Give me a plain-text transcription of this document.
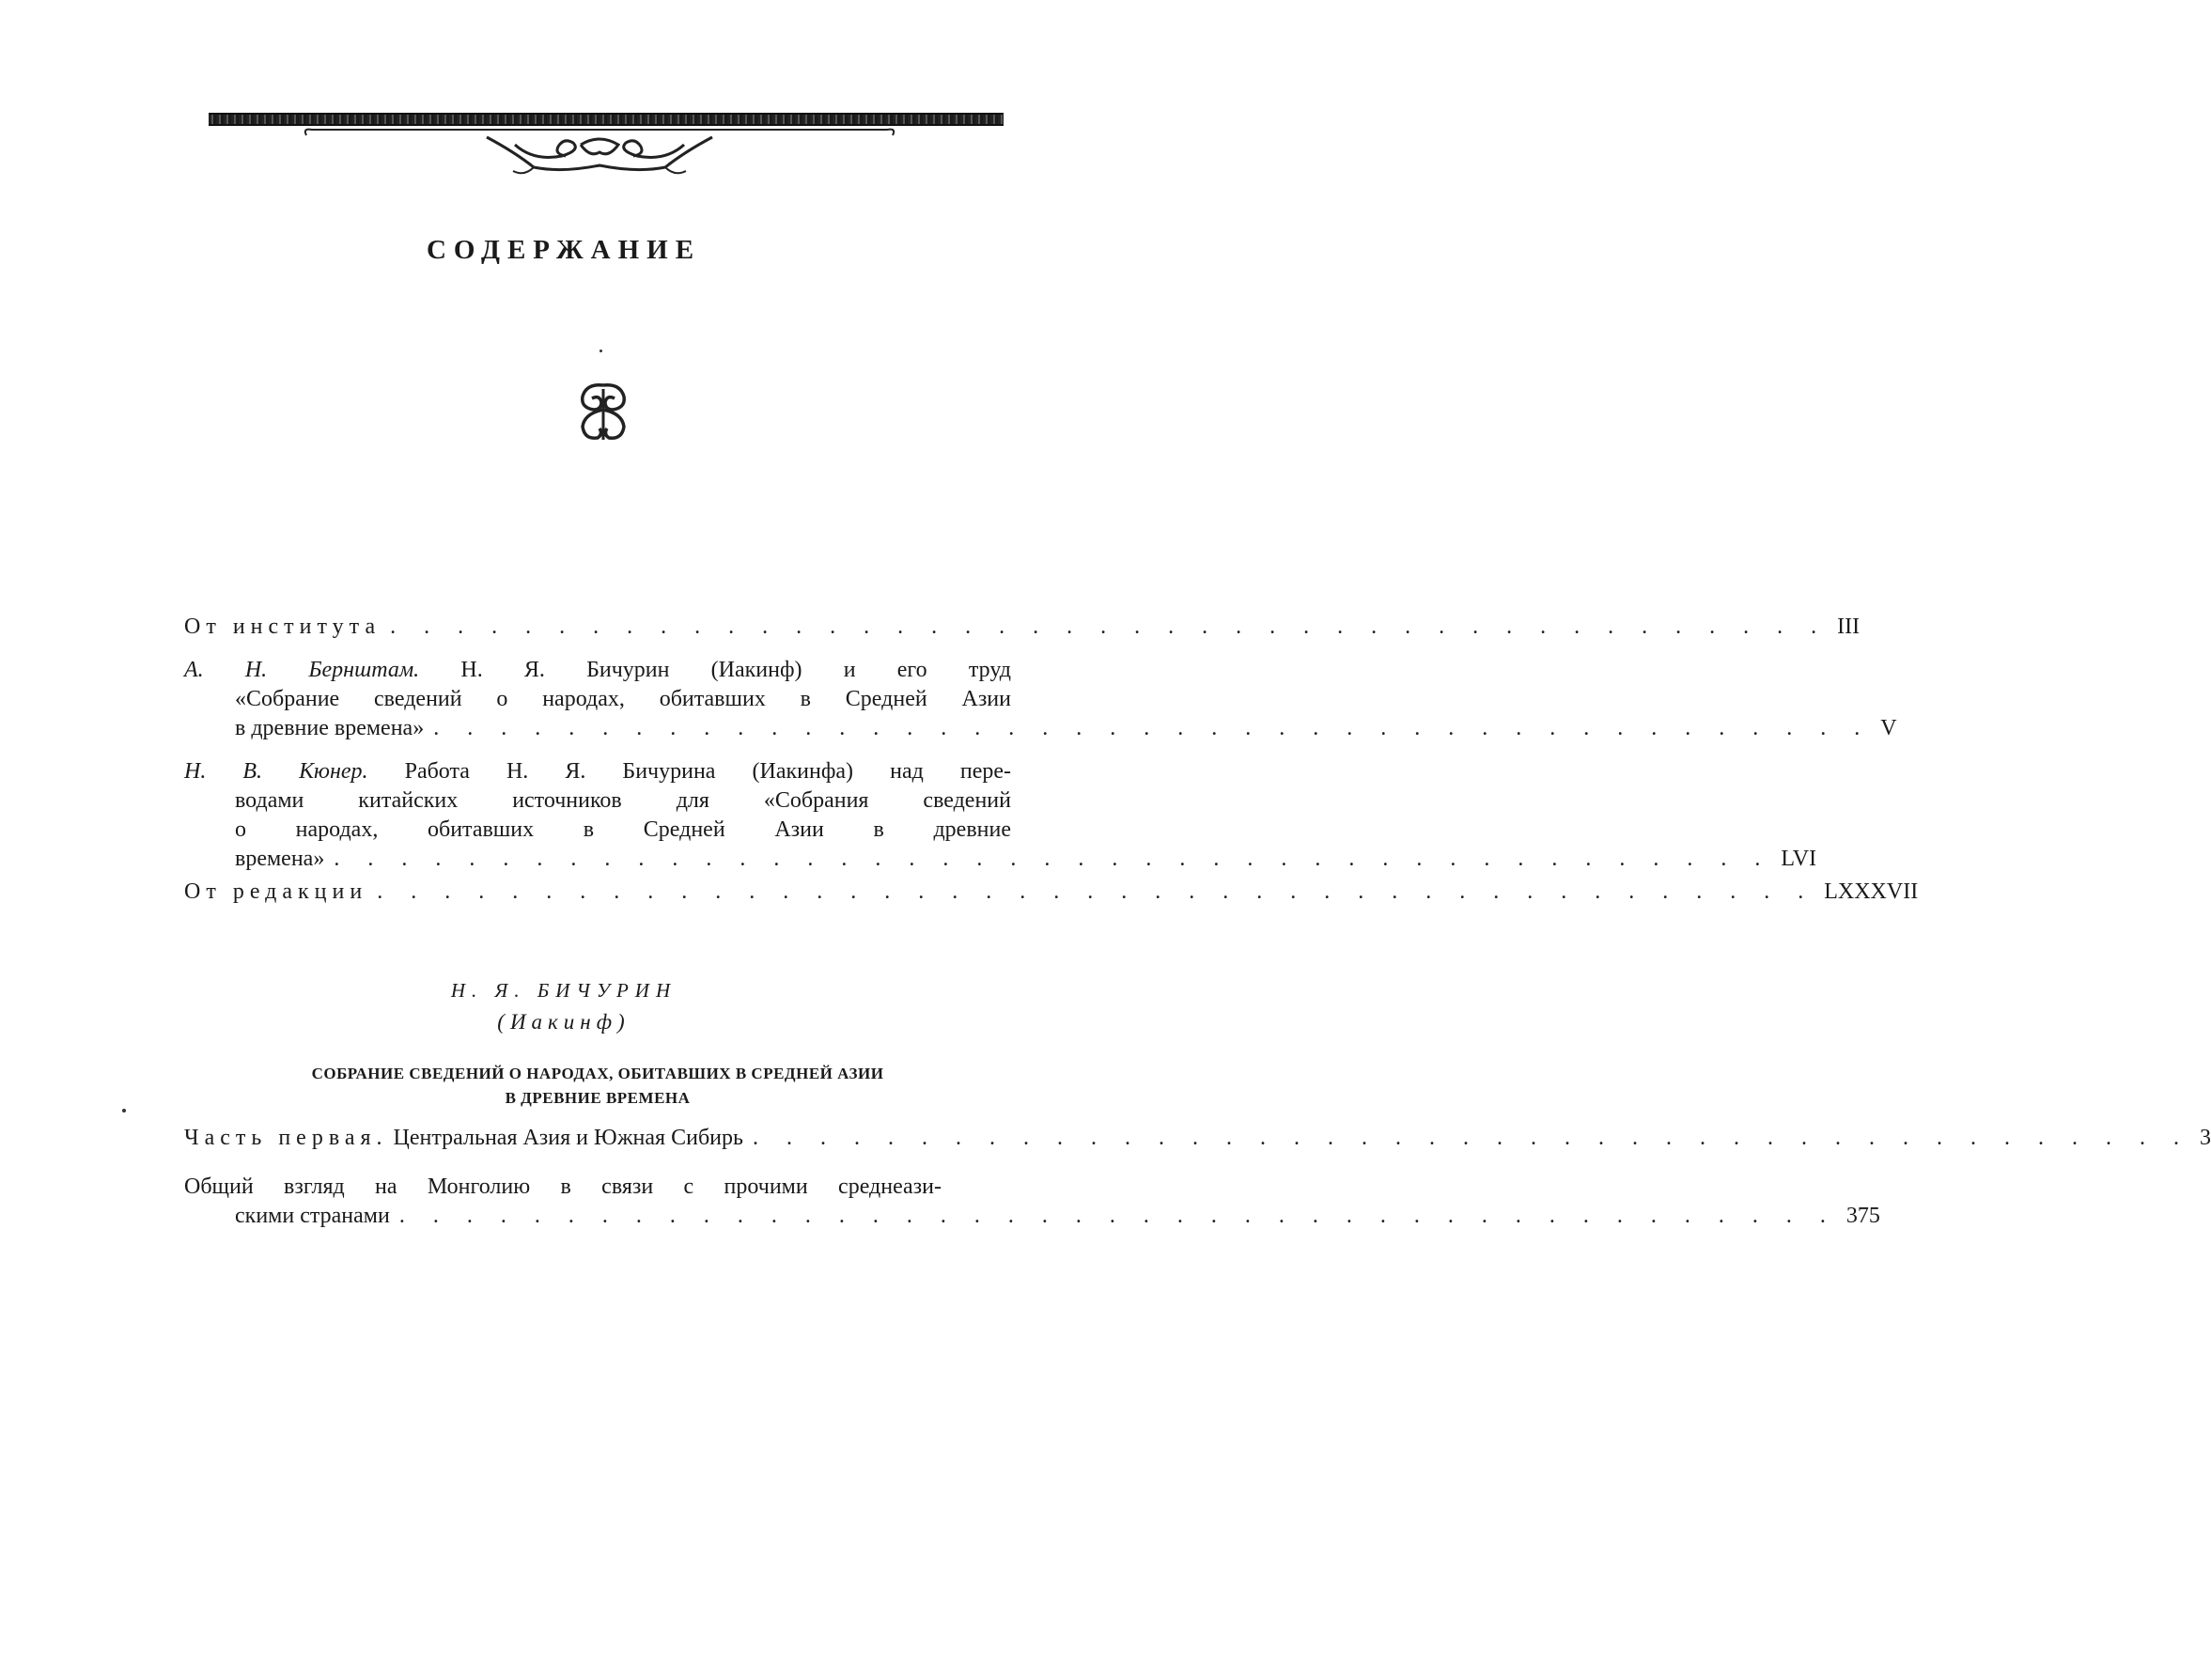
СОДЕРЖАНИЕ
От института . . . . . . . . . . . . . . . . . . . . . . . . . . . . . . . . . . . . . . . . . . . III
А. Н. Бернштам. Н. Я. Бичурин (Иакинф) и его труд
«Собрание сведений о народах, обитавших в Средней Азии
в древние времена» . . . . . . . . . . . . . . . . . . . . . . . . . . . . . . . . . . . . . . . . . . . V
Н. В. Кюнер. Работа Н. Я. Бичурина (Иакинфа) над пере-
водами китайских источников для «Собрания сведений
о народах, обитавших в Средней Азии в древние
времена» . . . . . . . . . . . . . . . . . . . . . . . . . . . . . . . . . . . . . . . . . . . LVI
От редакции . . . . . . . . . . . . . . . . . . . . . . . . . . . . . . . . . . . . . . . . . . . LXXXVII
Н. Я. БИЧУРИН
(Иакинф)
СОБРАНИЕ СВЕДЕНИЙ О НАРОДАХ, ОБИТАВШИХ В СРЕДНЕЙ АЗИИ
В ДРЕВНИЕ ВРЕМЕНА
Часть первая. Центральная Азия и Южная Сибирь . . . . . . . . . . . . . . . . . . . . . . . . . . . . . . . . . . . . . . . . . . . 3
Общий взгляд на Монголию в связи с прочими среднеази-
скими странами . . . . . . . . . . . . . . . . . . . . . . . . . . . . . . . . . . . . . . . . . . . 375
